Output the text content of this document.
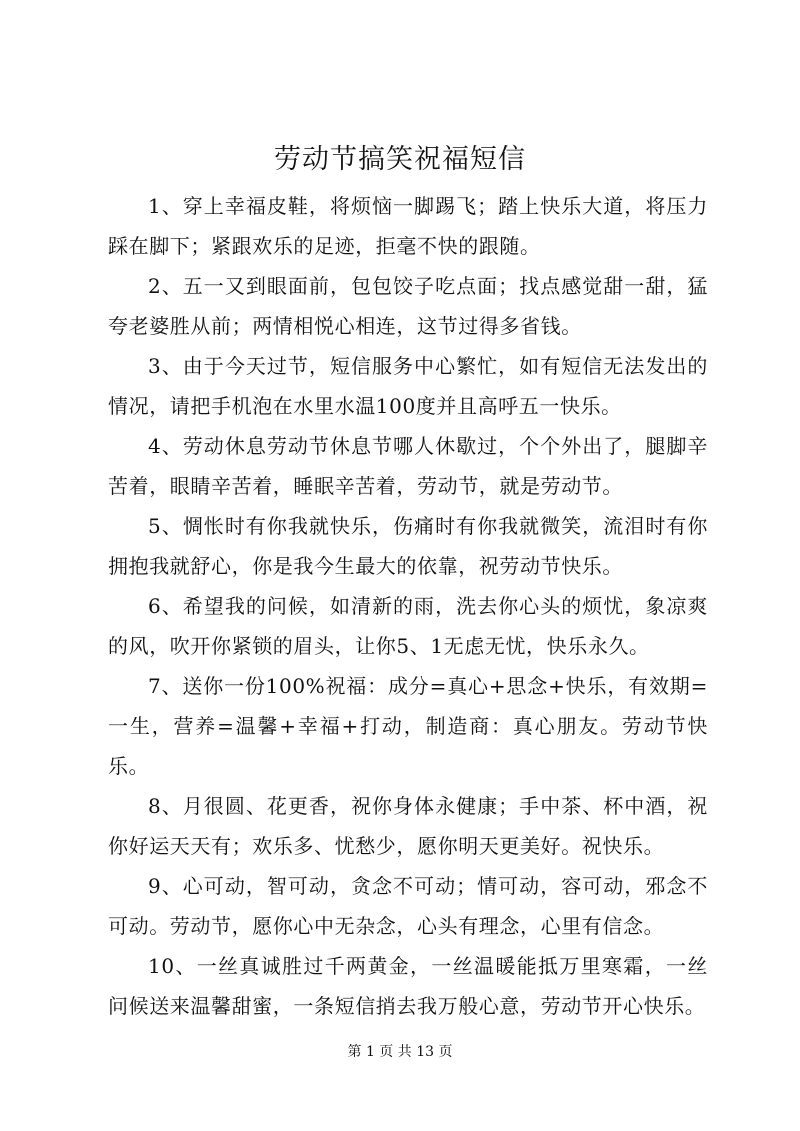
劳动节搞笑祝福短信

1、穿上幸福皮鞋，将烦恼一脚踢飞；踏上快乐大道，将压力踩在脚下；紧跟欢乐的足迹，拒毫不快的跟随。

2、五一又到眼面前，包包饺子吃点面；找点感觉甜一甜，猛夸老婆胜从前；两情相悦心相连，这节过得多省钱。

3、由于今天过节，短信服务中心繁忙，如有短信无法发出的情况，请把手机泡在水里水温100度并且高呼五一快乐。

4、劳动休息劳动节休息节哪人休歇过，个个外出了，腿脚辛苦着，眼睛辛苦着，睡眠辛苦着，劳动节，就是劳动节。

5、惆怅时有你我就快乐，伤痛时有你我就微笑，流泪时有你拥抱我就舒心，你是我今生最大的依靠，祝劳动节快乐。

6、希望我的问候，如清新的雨，洗去你心头的烦忧，象凉爽的风，吹开你紧锁的眉头，让你5、1无虑无忧，快乐永久。

7、送你一份100%祝福：成分=真心+思念+快乐，有效期=一生，营养=温馨+幸福+打动，制造商：真心朋友。劳动节快乐。

8、月很圆、花更香，祝你身体永健康；手中茶、杯中酒，祝你好运天天有；欢乐多、忧愁少，愿你明天更美好。祝快乐。

9、心可动，智可动，贪念不可动；情可动，容可动，邪念不可动。劳动节，愿你心中无杂念，心头有理念，心里有信念。

10、一丝真诚胜过千两黄金，一丝温暖能抵万里寒霜，一丝问候送来温馨甜蜜，一条短信捎去我万般心意，劳动节开心快乐。

第 1 页 共 13 页
